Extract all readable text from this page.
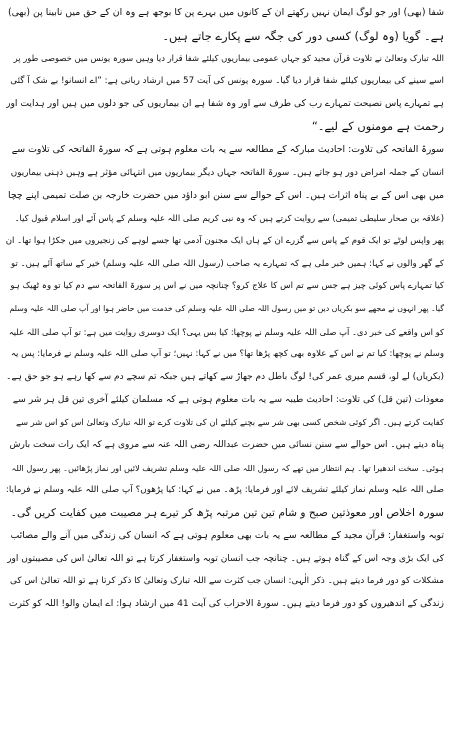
شفا (بھی) اور جو لوگ ایمان نہیں رکھتے ان کے کانوں میں بہرے پن کا بوجھ ہے وہ ان کے حق میں نابینا پن (بھی)
ہے۔ گویا (وہ لوگ) کسی دور کی جگہ سے پکارے جاتے ہیں۔
اللہ تبارک وتعالیٰ نے تلاوت قرآن مجید کو جہاں عمومی بیماریوں کیلئے شفا قرار دیا وہیں سورہ یونس میں خصوصی طور پر
اسے سینے کی بیماریوں کیلئے شفا قرار دیا گیا۔ سورہ یونس کی آیت 57 میں ارشاد ربانی ہے: ”اے انسانو! بے شک آ گئی
ہے تمہارے پاس نصیحت تمہارے رب کی طرف سے اور وہ شفا ہے ان بیماریوں کی جو دلوں میں ہیں اور ہدایت اور
رحمت ہے مومنوں کے لیے۔“
سورۃ الفاتحہ کی تلاوت: احادیث مبارکہ کے مطالعہ سے یہ بات معلوم ہوتی ہے کہ سورۃ الفاتحہ کی تلاوت سے
انسان کے جملہ امراض دور ہو جاتے ہیں۔ سورۃ الفاتحہ جہاں دیگر بیماریوں میں انتہائی مؤثر ہے وہیں ذہنی بیماریوں
میں بھی اس کے بے پناہ اثرات ہیں۔ اس کے حوالے سے سنن ابو داؤد میں حضرت خارجہ بن صلت تمیمی اپنے چچا
(علاقہ بن صحار سلیطی تمیمی) سے روایت کرتے ہیں کہ وہ نبی کریم صلی اللہ علیہ وسلم کے پاس آئے اور اسلام قبول کیا۔
پھر واپس لوٹے تو ایک قوم کے پاس سے گزرے ان کے ہاں ایک مجنون آدمی تھا جسے لوہے کی زنجیروں میں جکڑا ہوا تھا۔ ان
کے گھر والوں نے کہا: ہمیں خبر ملی ہے کہ تمہارے یہ صاحب (رسول اللہ صلی اللہ علیہ وسلم) خیر کے ساتھ آئے ہیں۔ تو
کیا تمہارے پاس کوئی چیز ہے جس سے تم اس کا علاج کرو؟ چنانچہ میں نے اس پر سورۃ الفاتحہ سے دم کیا تو وہ ٹھیک ہو
گیا۔ پھر انہوں نے مجھے سو بکریاں دیں تو میں رسول اللہ صلی اللہ علیہ وسلم کی خدمت میں حاضر ہوا اور آپ صلی اللہ علیہ وسلم
کو اس واقعے کی خبر دی۔ آپ صلی اللہ علیہ وسلم نے پوچھا: کیا بس یہی؟ ایک دوسری روایت میں ہے: تو آپ صلی اللہ علیہ
وسلم نے پوچھا: کیا تم نے اس کے علاوہ بھی کچھ پڑھا تھا؟ میں نے کہا: نہیں؛ تو آپ صلی اللہ علیہ وسلم نے فرمایا: پس یہ
(بکریاں) لے لو، قسم میری عمر کی! لوگ باطل دم جھاڑ سے کھاتے ہیں جبکہ تم سچے دم سے کھا رہے ہو جو حق ہے۔
معوذات (تین قل) کی تلاوت: احادیث طیبہ سے یہ بات معلوم ہوتی ہے کہ مسلمان کیلئے آخری تین قل ہر شر سے
کفایت کرتے ہیں۔ اگر کوئی شخص کسی بھی شر سے بچنے کیلئے ان کی تلاوت کرے تو اللہ تبارک وتعالیٰ اس کو اس شر سے
پناہ دیتے ہیں۔ اس حوالے سے سنن نسائی میں حضرت عبداللہ رضی اللہ عنہ سے مروی ہے کہ ایک رات سخت بارش
ہوئی۔ سخت اندھیرا تھا۔ ہم انتظار میں تھے کہ رسول اللہ صلی اللہ علیہ وسلم تشریف لائیں اور نماز پڑھائیں۔ پھر رسول اللہ
صلی اللہ علیہ وسلم نماز کیلئے تشریف لائے اور فرمایا: پڑھ۔ میں نے کہا: کیا پڑھوں؟ آپ صلی اللہ علیہ وسلم نے فرمایا:
سورہ اخلاص اور معوذتین صبح و شام تین تین مرتبہ پڑھ کر تیرے ہر مصیبت میں کفایت کریں گی۔
توبہ واستغفار: قرآن مجید کے مطالعہ سے یہ بات بھی معلوم ہوتی ہے کہ انسان کی زندگی میں آنے والے مصائب
کی ایک بڑی وجہ اس کے گناہ ہوتے ہیں۔ چنانچہ جب انسان توبہ واستغفار کرتا ہے تو اللہ تعالیٰ اس کی مصیبتوں اور
مشکلات کو دور فرما دیتے ہیں۔ ذکر الٰہی: انسان جب کثرت سے اللہ تبارک وتعالیٰ کا ذکر کرتا ہے تو اللہ تعالیٰ اس کی
زندگی کے اندھیروں کو دور فرما دیتے ہیں۔ سورۃ الاحزاب کی آیت 41 میں ارشاد ہوا: اے ایمان والو! اللہ کو کثرت
